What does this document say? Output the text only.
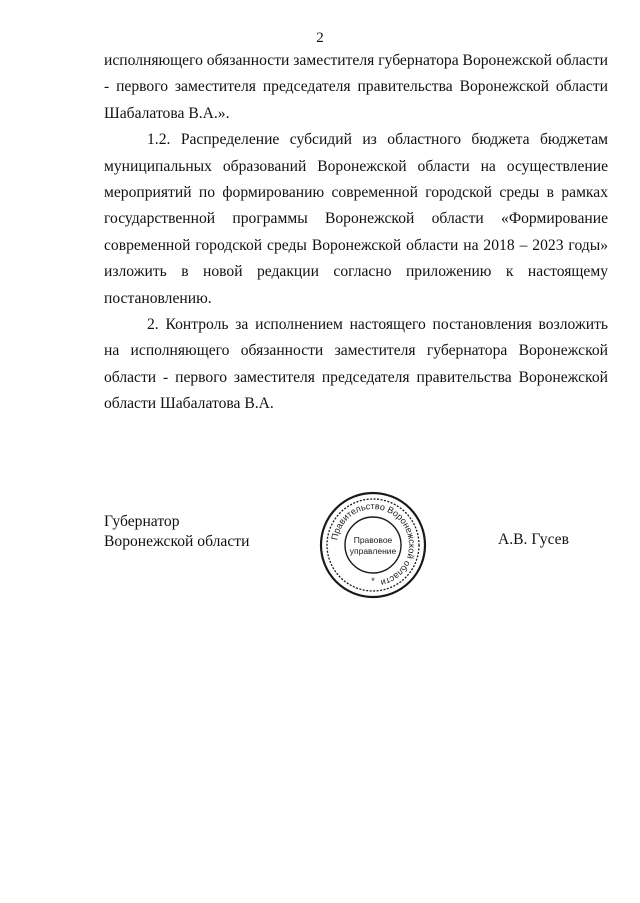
2

исполняющего обязанности заместителя губернатора Воронежской области - первого заместителя председателя правительства Воронежской области Шабалатова В.А.».

1.2. Распределение субсидий из областного бюджета бюджетам муниципальных образований Воронежской области на осуществление мероприятий по формированию современной городской среды в рамках государственной программы Воронежской области «Формирование современной городской среды Воронежской области на 2018 – 2023 годы» изложить в новой редакции согласно приложению к настоящему постановлению.

2. Контроль за исполнением настоящего постановления возложить на исполняющего обязанности заместителя губернатора Воронежской области - первого заместителя председателя правительства Воронежской области Шабалатова В.А.

Губернатор
Воронежской области	Правительство Воронежской области
Правовое
управление
*
А.В. Гусев
